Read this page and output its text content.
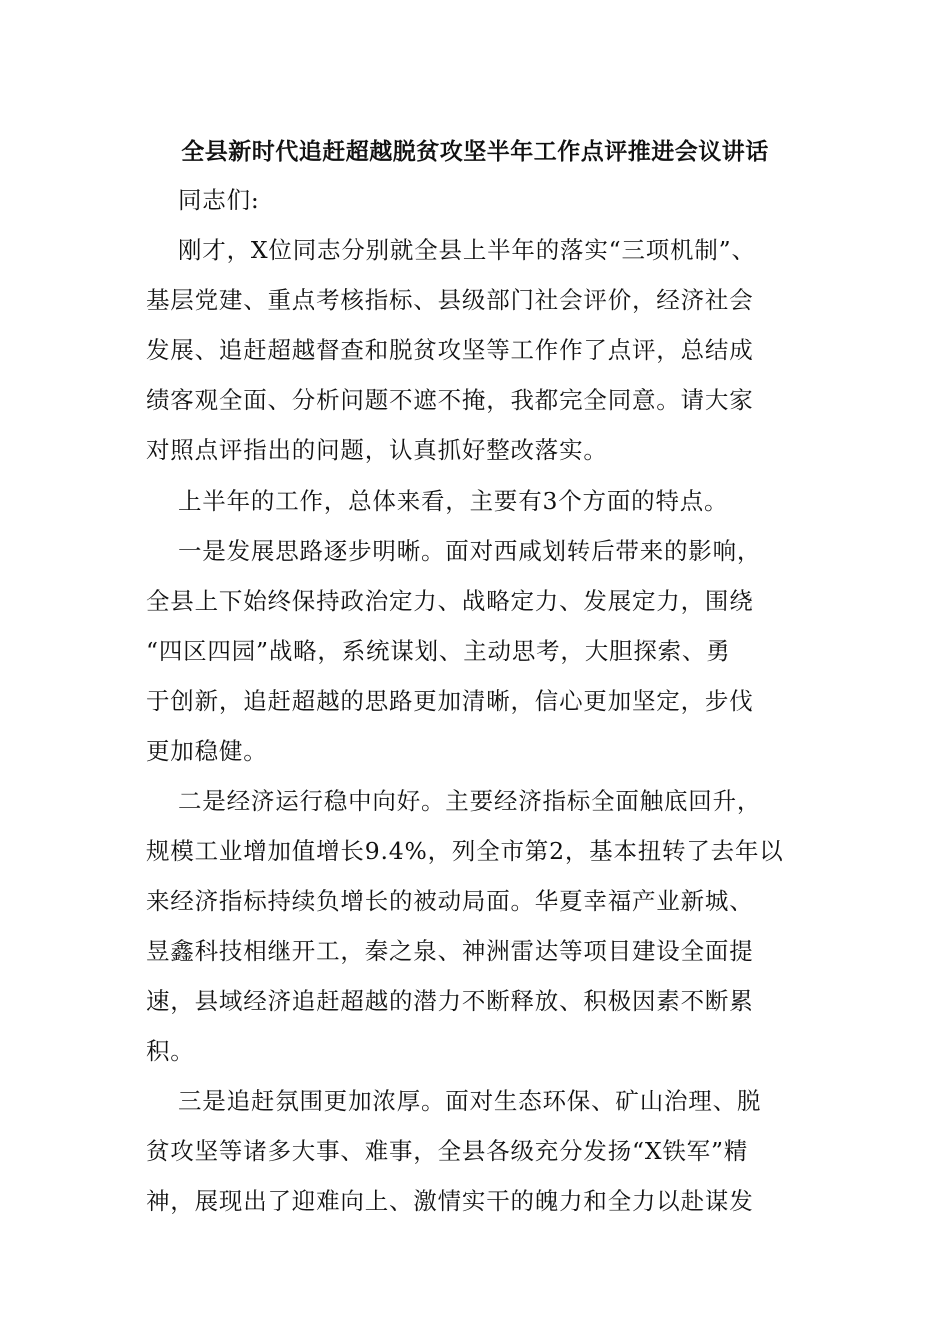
全县新时代追赶超越脱贫攻坚半年工作点评推进会议讲话
同志们:
刚才，X位同志分别就全县上半年的落实“三项机制”、
基层党建、重点考核指标、县级部门社会评价，经济社会
发展、追赶超越督查和脱贫攻坚等工作作了点评，总结成
绩客观全面、分析问题不遮不掩，我都完全同意。请大家
对照点评指出的问题，认真抓好整改落实。
上半年的工作，总体来看，主要有3个方面的特点。
一是发展思路逐步明晰。面对西咸划转后带来的影响，
全县上下始终保持政治定力、战略定力、发展定力，围绕
“四区四园”战略，系统谋划、主动思考，大胆探索、勇
于创新，追赶超越的思路更加清晰，信心更加坚定，步伐
更加稳健。
二是经济运行稳中向好。主要经济指标全面触底回升，
规模工业增加值增长9.4%，列全市第2，基本扭转了去年以
来经济指标持续负增长的被动局面。华夏幸福产业新城、
昱鑫科技相继开工，秦之泉、神洲雷达等项目建设全面提
速，县域经济追赶超越的潜力不断释放、积极因素不断累
积。
三是追赶氛围更加浓厚。面对生态环保、矿山治理、脱
贫攻坚等诸多大事、难事，全县各级充分发扬“X铁军”精
神，展现出了迎难向上、激情实干的魄力和全力以赴谋发
